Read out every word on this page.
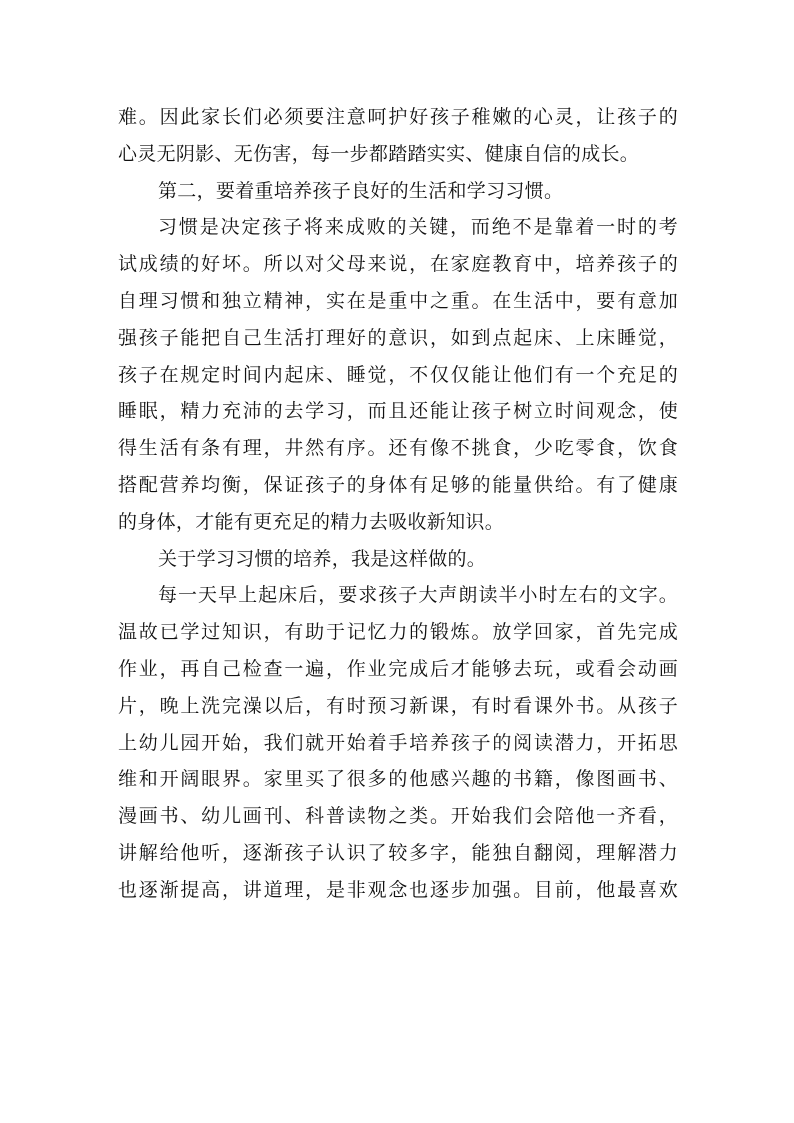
难。因此家长们必须要注意呵护好孩子稚嫩的心灵，让孩子的
心灵无阴影、无伤害，每一步都踏踏实实、健康自信的成长。
第二，要着重培养孩子良好的生活和学习习惯。
习惯是决定孩子将来成败的关键，而绝不是靠着一时的考
试成绩的好坏。所以对父母来说，在家庭教育中，培养孩子的
自理习惯和独立精神，实在是重中之重。在生活中，要有意加
强孩子能把自己生活打理好的意识，如到点起床、上床睡觉，
孩子在规定时间内起床、睡觉，不仅仅能让他们有一个充足的
睡眠，精力充沛的去学习，而且还能让孩子树立时间观念，使
得生活有条有理，井然有序。还有像不挑食，少吃零食，饮食
搭配营养均衡，保证孩子的身体有足够的能量供给。有了健康
的身体，才能有更充足的精力去吸收新知识。
关于学习习惯的培养，我是这样做的。
每一天早上起床后，要求孩子大声朗读半小时左右的文字。
温故已学过知识，有助于记忆力的锻炼。放学回家，首先完成
作业，再自己检查一遍，作业完成后才能够去玩，或看会动画
片，晚上洗完澡以后，有时预习新课，有时看课外书。从孩子
上幼儿园开始，我们就开始着手培养孩子的阅读潜力，开拓思
维和开阔眼界。家里买了很多的他感兴趣的书籍，像图画书、
漫画书、幼儿画刊、科普读物之类。开始我们会陪他一齐看，
讲解给他听，逐渐孩子认识了较多字，能独自翻阅，理解潜力
也逐渐提高，讲道理，是非观念也逐步加强。目前，他最喜欢
